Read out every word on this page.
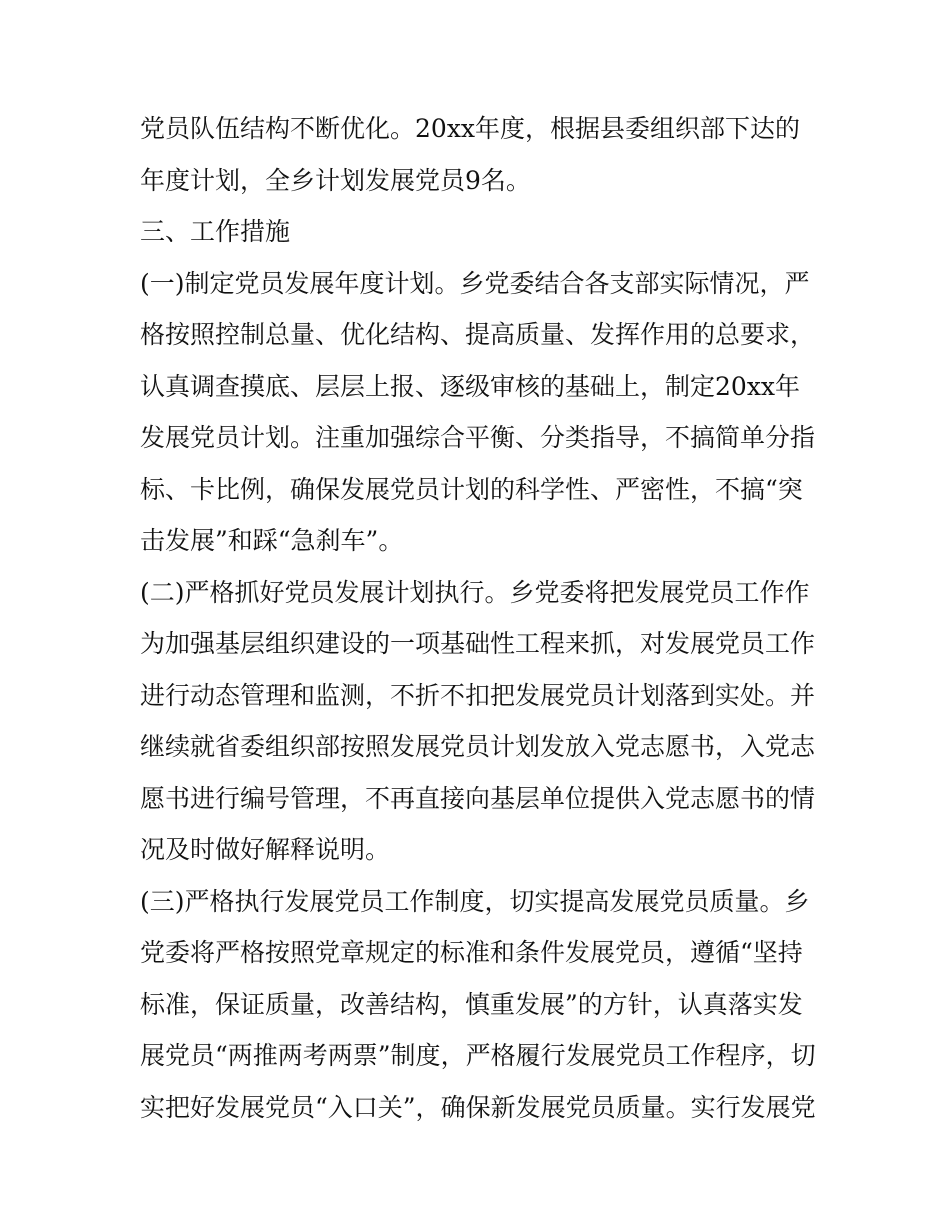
党员队伍结构不断优化。20xx年度，根据县委组织部下达的
年度计划，全乡计划发展党员9名。
三、工作措施
(一)制定党员发展年度计划。乡党委结合各支部实际情况，严
格按照控制总量、优化结构、提高质量、发挥作用的总要求，
认真调查摸底、层层上报、逐级审核的基础上，制定20xx年
发展党员计划。注重加强综合平衡、分类指导，不搞简单分指
标、卡比例，确保发展党员计划的科学性、严密性，不搞“突
击发展”和踩“急刹车”。
(二)严格抓好党员发展计划执行。乡党委将把发展党员工作作
为加强基层组织建设的一项基础性工程来抓，对发展党员工作
进行动态管理和监测，不折不扣把发展党员计划落到实处。并
继续就省委组织部按照发展党员计划发放入党志愿书，入党志
愿书进行编号管理，不再直接向基层单位提供入党志愿书的情
况及时做好解释说明。
(三)严格执行发展党员工作制度，切实提高发展党员质量。乡
党委将严格按照党章规定的标准和条件发展党员，遵循“坚持
标准，保证质量，改善结构，慎重发展”的方针，认真落实发
展党员“两推两考两票”制度，严格履行发展党员工作程序，切
实把好发展党员“入口关”，确保新发展党员质量。实行发展党
